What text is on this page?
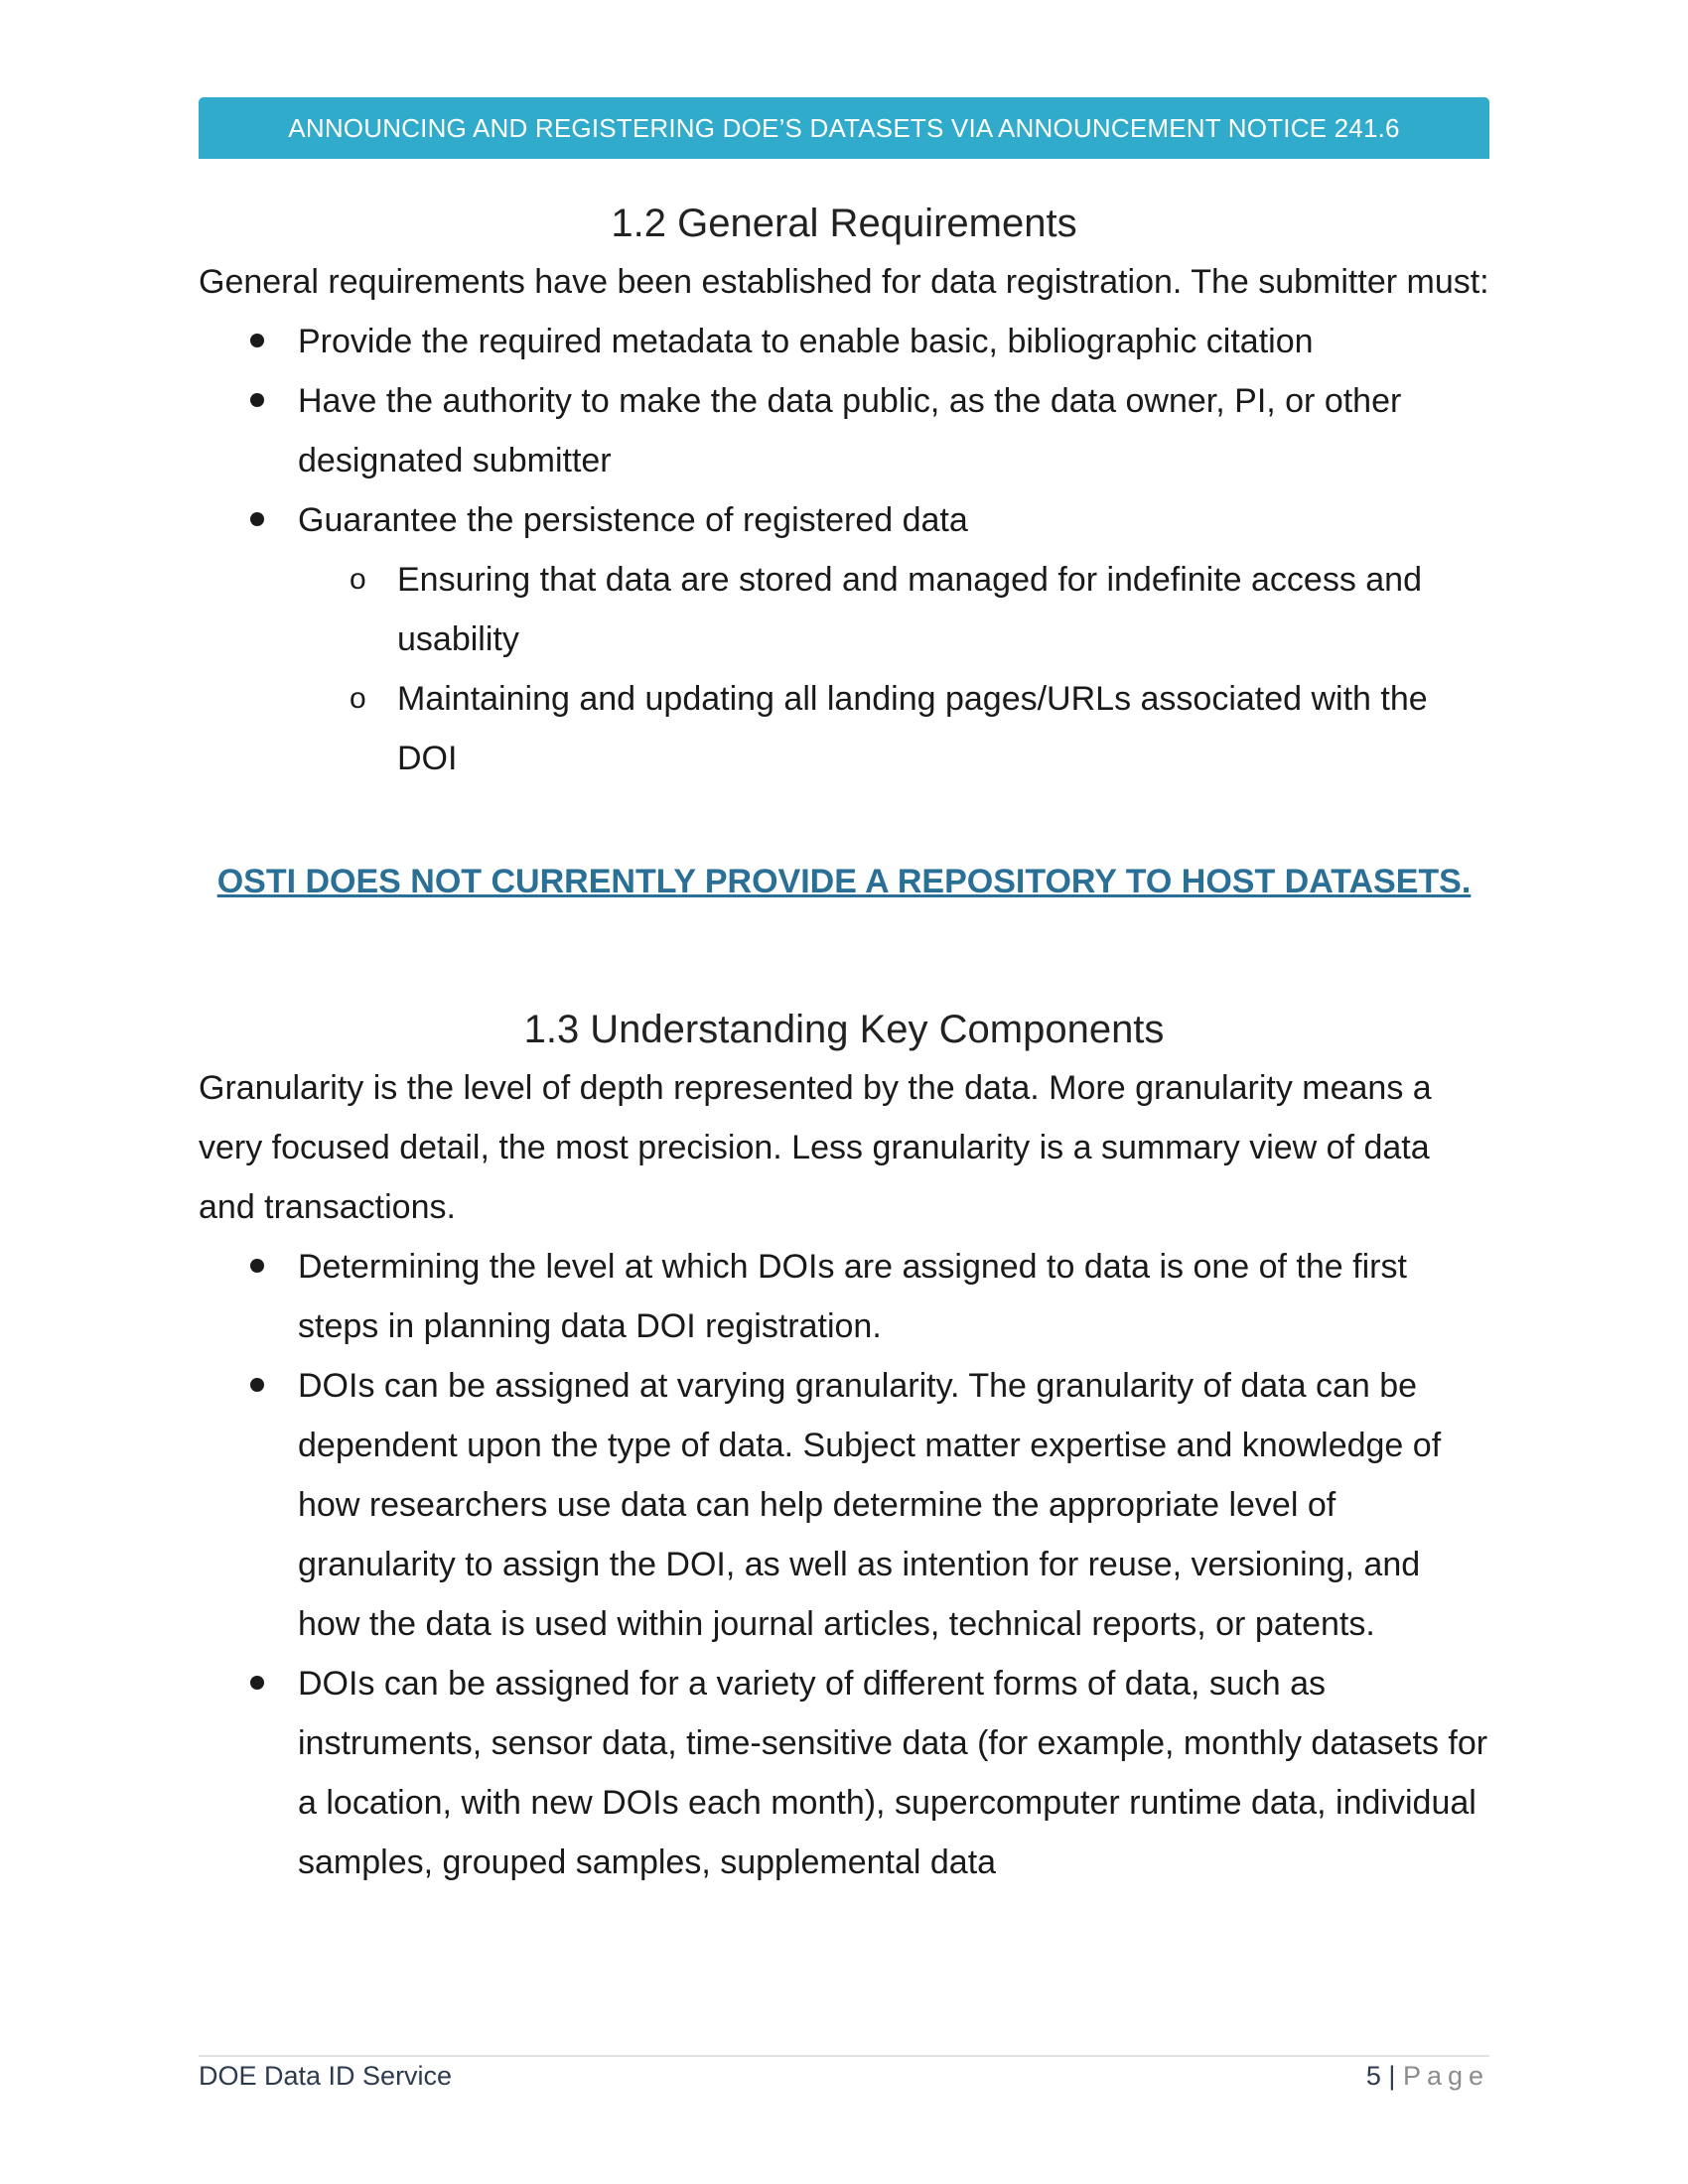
ANNOUNCING AND REGISTERING DOE’S DATASETS VIA ANNOUNCEMENT NOTICE 241.6
1.2 General Requirements

General requirements have been established for data registration. The submitter must:

Provide the required metadata to enable basic, bibliographic citation
Have the authority to make the data public, as the data owner, PI, or other designated submitter
Guarantee the persistence of registered data
o Ensuring that data are stored and managed for indefinite access and usability
o Maintaining and updating all landing pages/URLs associated with the DOI
OSTI DOES NOT CURRENTLY PROVIDE A REPOSITORY TO HOST DATASETS.
1.3 Understanding Key Components

Granularity is the level of depth represented by the data. More granularity means a very focused detail, the most precision. Less granularity is a summary view of data and transactions.

Determining the level at which DOIs are assigned to data is one of the first steps in planning data DOI registration.
DOIs can be assigned at varying granularity. The granularity of data can be dependent upon the type of data. Subject matter expertise and knowledge of how researchers use data can help determine the appropriate level of granularity to assign the DOI, as well as intention for reuse, versioning, and how the data is used within journal articles, technical reports, or patents.
DOIs can be assigned for a variety of different forms of data, such as instruments, sensor data, time-sensitive data (for example, monthly datasets for a location, with new DOIs each month), supercomputer runtime data, individual samples, grouped samples, supplemental data
DOE Data ID Service	5 | Page
